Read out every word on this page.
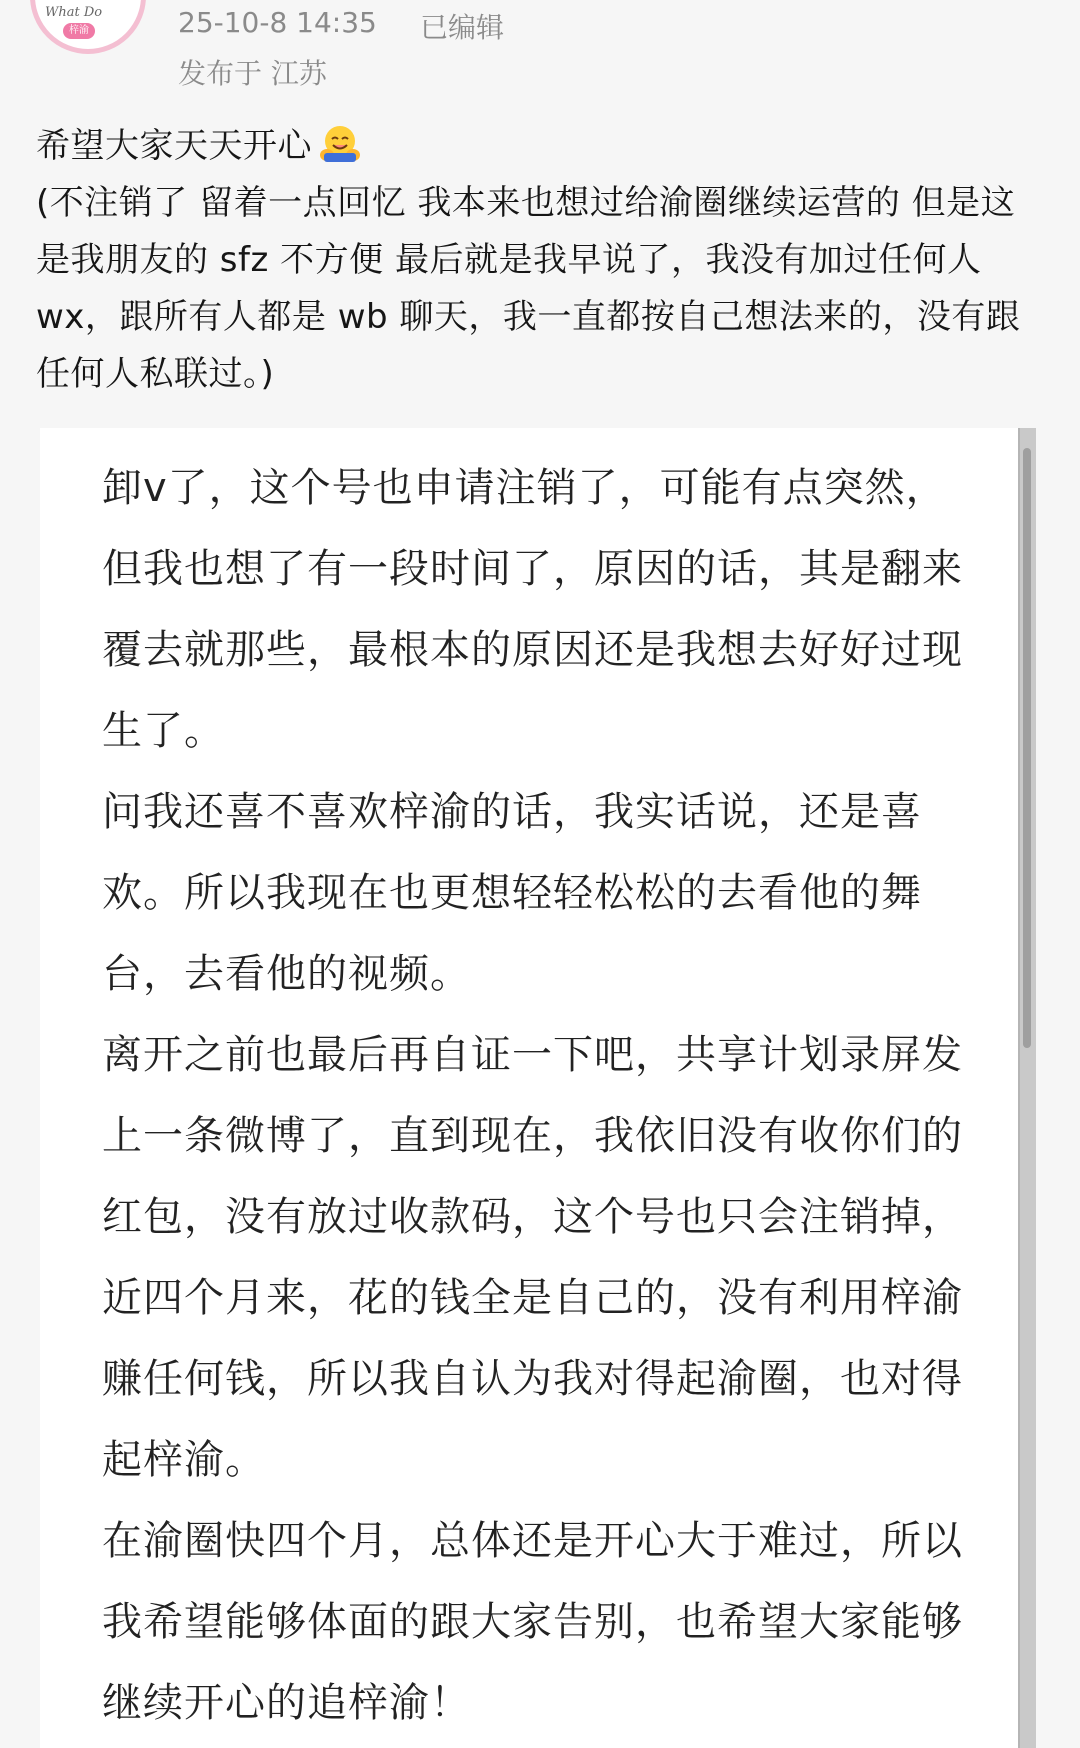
What Do
梓渝	25-10-8 14:35 已编辑
发布于 江苏
希望大家天天开心
(不注销了 留着一点回忆 我本来也想过给渝圈继续运营的 但是这是我朋友的 sfz 不方便 最后就是我早说了，我没有加过任何人 wx，跟所有人都是 wb 聊天，我一直都按自己想法来的，没有跟任何人私联过。)
卸v了，这个号也申请注销了，可能有点突然，但我也想了有一段时间了，原因的话，其是翻来覆去就那些，最根本的原因还是我想去好好过现生了。
问我还喜不喜欢梓渝的话，我实话说，还是喜欢。所以我现在也更想轻轻松松的去看他的舞台，去看他的视频。
离开之前也最后再自证一下吧，共享计划录屏发上一条微博了，直到现在，我依旧没有收你们的红包，没有放过收款码，这个号也只会注销掉，近四个月来，花的钱全是自己的，没有利用梓渝赚任何钱，所以我自认为我对得起渝圈，也对得起梓渝。
在渝圈快四个月，总体还是开心大于难过，所以我希望能够体面的跟大家告别，也希望大家能够继续开心的追梓渝！
